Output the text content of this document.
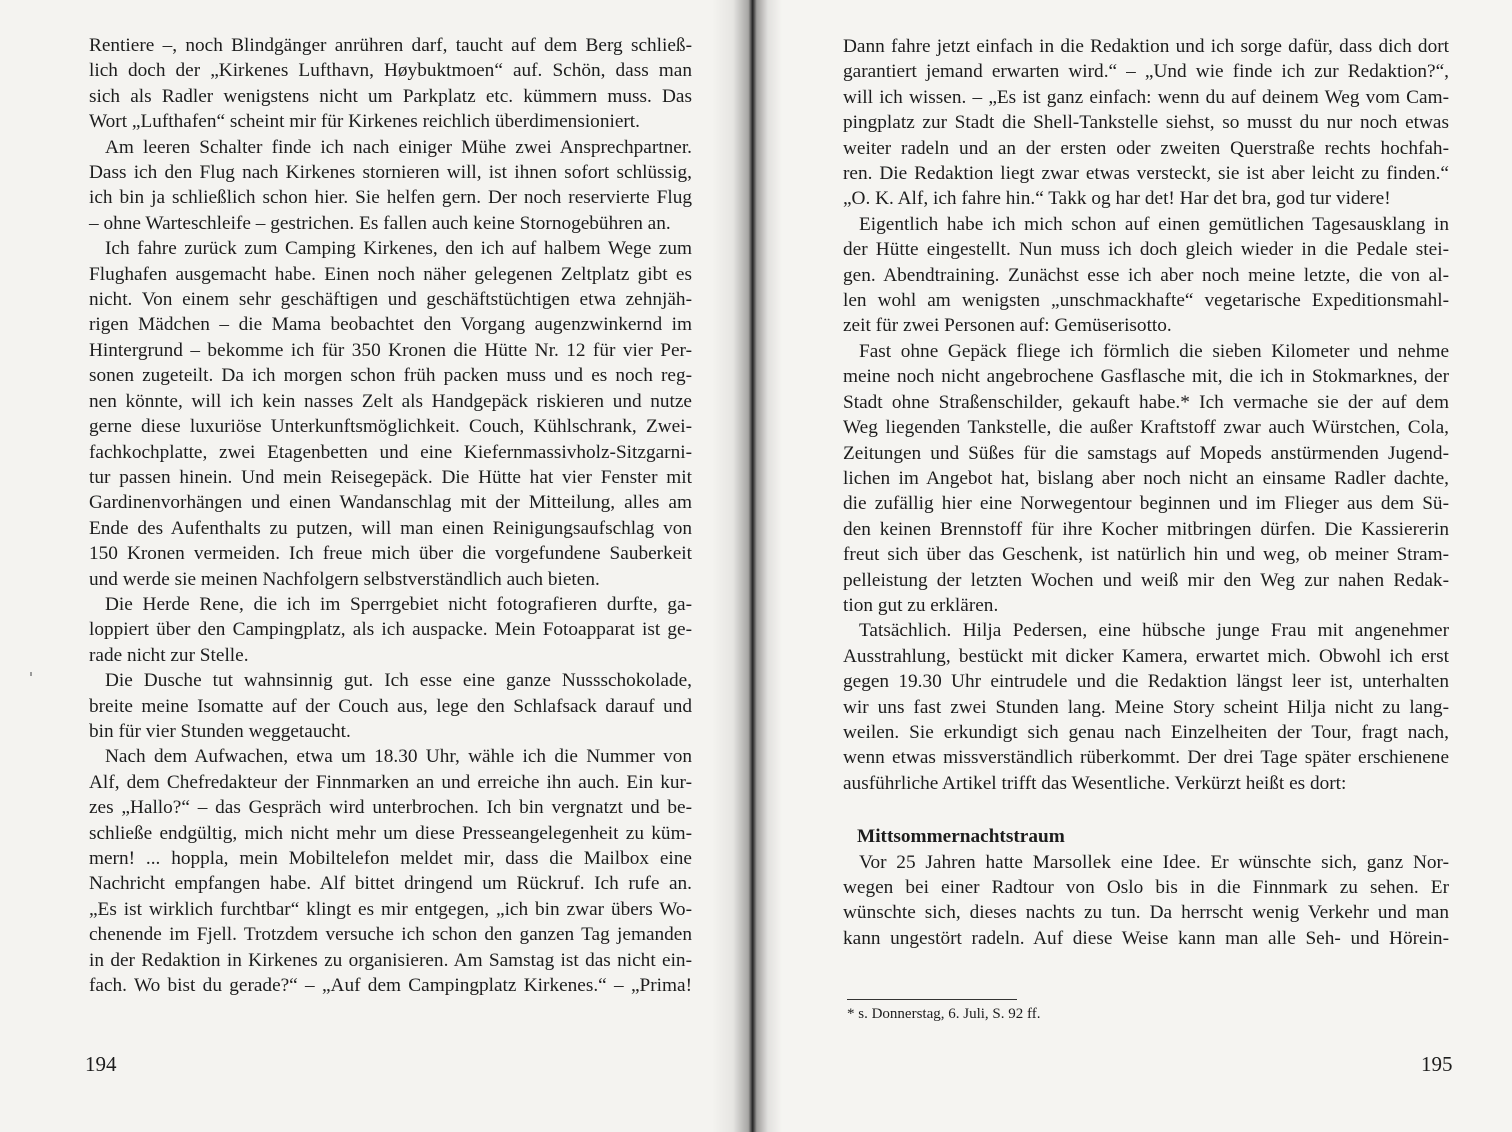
Rentiere –, noch Blindgänger anrühren darf, taucht auf dem Berg schließ-
lich doch der „Kirkenes Lufthavn, Høybuktmoen“ auf. Schön, dass man
sich als Radler wenigstens nicht um Parkplatz etc. kümmern muss. Das
Wort „Lufthafen“ scheint mir für Kirkenes reichlich überdimensioniert.
Am leeren Schalter finde ich nach einiger Mühe zwei Ansprechpartner.
Dass ich den Flug nach Kirkenes stornieren will, ist ihnen sofort schlüssig,
ich bin ja schließlich schon hier. Sie helfen gern. Der noch reservierte Flug
– ohne Warteschleife – gestrichen. Es fallen auch keine Stornogebühren an.
Ich fahre zurück zum Camping Kirkenes, den ich auf halbem Wege zum
Flughafen ausgemacht habe. Einen noch näher gelegenen Zeltplatz gibt es
nicht. Von einem sehr geschäftigen und geschäftstüchtigen etwa zehnjäh-
rigen Mädchen – die Mama beobachtet den Vorgang augenzwinkernd im
Hintergrund – bekomme ich für 350 Kronen die Hütte Nr. 12 für vier Per-
sonen zugeteilt. Da ich morgen schon früh packen muss und es noch reg-
nen könnte, will ich kein nasses Zelt als Handgepäck riskieren und nutze
gerne diese luxuriöse Unterkunftsmöglichkeit. Couch, Kühlschrank, Zwei-
fachkochplatte, zwei Etagenbetten und eine Kiefernmassivholz-Sitzgarni-
tur passen hinein. Und mein Reisegepäck. Die Hütte hat vier Fenster mit
Gardinenvorhängen und einen Wandanschlag mit der Mitteilung, alles am
Ende des Aufenthalts zu putzen, will man einen Reinigungsaufschlag von
150 Kronen vermeiden. Ich freue mich über die vorgefundene Sauberkeit
und werde sie meinen Nachfolgern selbstverständlich auch bieten.
Die Herde Rene, die ich im Sperrgebiet nicht fotografieren durfte, ga-
loppiert über den Campingplatz, als ich auspacke. Mein Fotoapparat ist ge-
rade nicht zur Stelle.
Die Dusche tut wahnsinnig gut. Ich esse eine ganze Nussschokolade,
breite meine Isomatte auf der Couch aus, lege den Schlafsack darauf und
bin für vier Stunden weggetaucht.
Nach dem Aufwachen, etwa um 18.30 Uhr, wähle ich die Nummer von
Alf, dem Chefredakteur der Finnmarken an und erreiche ihn auch. Ein kur-
zes „Hallo?“ – das Gespräch wird unterbrochen. Ich bin vergnatzt und be-
schließe endgültig, mich nicht mehr um diese Presseangelegenheit zu küm-
mern! ... hoppla, mein Mobiltelefon meldet mir, dass die Mailbox eine
Nachricht empfangen habe. Alf bittet dringend um Rückruf. Ich rufe an.
„Es ist wirklich furchtbar“ klingt es mir entgegen, „ich bin zwar übers Wo-
chenende im Fjell. Trotzdem versuche ich schon den ganzen Tag jemanden
in der Redaktion in Kirkenes zu organisieren. Am Samstag ist das nicht ein-
fach. Wo bist du gerade?“ – „Auf dem Campingplatz Kirkenes.“ – „Prima!
194
Dann fahre jetzt einfach in die Redaktion und ich sorge dafür, dass dich dort
garantiert jemand erwarten wird.“ – „Und wie finde ich zur Redaktion?“,
will ich wissen. – „Es ist ganz einfach: wenn du auf deinem Weg vom Cam-
pingplatz zur Stadt die Shell-Tankstelle siehst, so musst du nur noch etwas
weiter radeln und an der ersten oder zweiten Querstraße rechts hochfah-
ren. Die Redaktion liegt zwar etwas versteckt, sie ist aber leicht zu finden.“
„O. K. Alf, ich fahre hin.“ Takk og har det! Har det bra, god tur videre!
Eigentlich habe ich mich schon auf einen gemütlichen Tagesausklang in
der Hütte eingestellt. Nun muss ich doch gleich wieder in die Pedale stei-
gen. Abendtraining. Zunächst esse ich aber noch meine letzte, die von al-
len wohl am wenigsten „unschmackhafte“ vegetarische Expeditionsmahl-
zeit für zwei Personen auf: Gemüserisotto.
Fast ohne Gepäck fliege ich förmlich die sieben Kilometer und nehme
meine noch nicht angebrochene Gasflasche mit, die ich in Stokmarknes, der
Stadt ohne Straßenschilder, gekauft habe.* Ich vermache sie der auf dem
Weg liegenden Tankstelle, die außer Kraftstoff zwar auch Würstchen, Cola,
Zeitungen und Süßes für die samstags auf Mopeds anstürmenden Jugend-
lichen im Angebot hat, bislang aber noch nicht an einsame Radler dachte,
die zufällig hier eine Norwegentour beginnen und im Flieger aus dem Sü-
den keinen Brennstoff für ihre Kocher mitbringen dürfen. Die Kassiererin
freut sich über das Geschenk, ist natürlich hin und weg, ob meiner Stram-
pelleistung der letzten Wochen und weiß mir den Weg zur nahen Redak-
tion gut zu erklären.
Tatsächlich. Hilja Pedersen, eine hübsche junge Frau mit angenehmer
Ausstrahlung, bestückt mit dicker Kamera, erwartet mich. Obwohl ich erst
gegen 19.30 Uhr eintrudele und die Redaktion längst leer ist, unterhalten
wir uns fast zwei Stunden lang. Meine Story scheint Hilja nicht zu lang-
weilen. Sie erkundigt sich genau nach Einzelheiten der Tour, fragt nach,
wenn etwas missverständlich rüberkommt. Der drei Tage später erschienene
ausführliche Artikel trifft das Wesentliche. Verkürzt heißt es dort:
Mittsommernachtstraum
Vor 25 Jahren hatte Marsollek eine Idee. Er wünschte sich, ganz Nor-
wegen bei einer Radtour von Oslo bis in die Finnmark zu sehen. Er
wünschte sich, dieses nachts zu tun. Da herrscht wenig Verkehr und man
kann ungestört radeln. Auf diese Weise kann man alle Seh- und Hörein-
* s. Donnerstag, 6. Juli, S. 92 ff.
195
